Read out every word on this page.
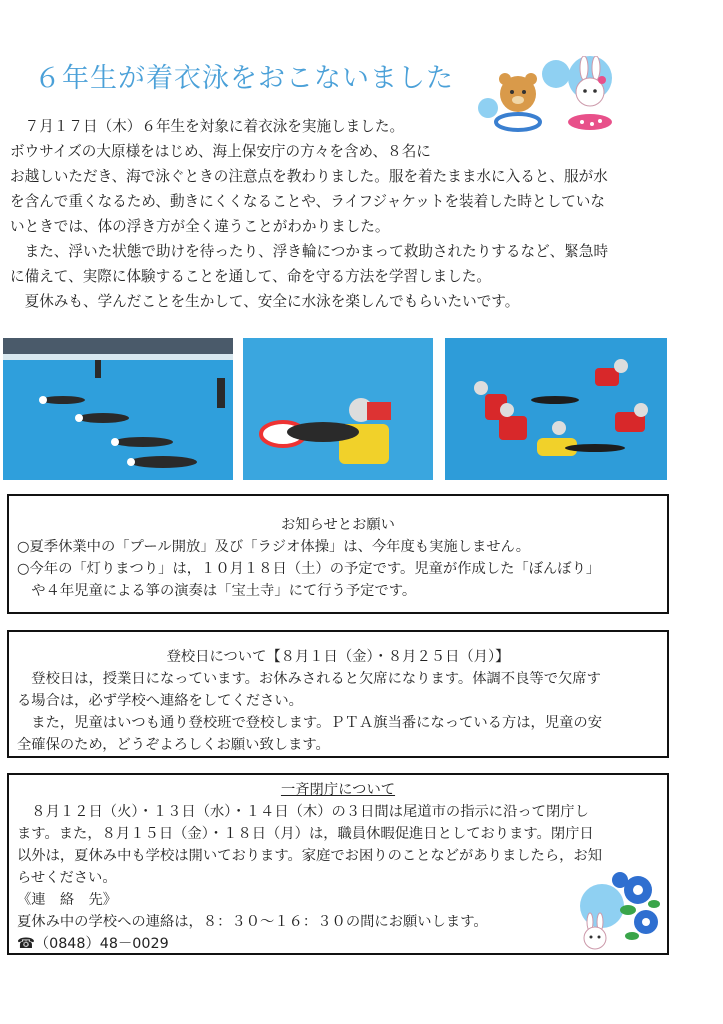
６年生が着衣泳をおこないました

　７月１７日（木）６年生を対象に着衣泳を実施しました。

ボウサイズの大原様をはじめ、海上保安庁の方々を含め、８名に

お越しいただき、海で泳ぐときの注意点を教わりました。服を着たまま水に入ると、服が水

を含んで重くなるため、動きにくくなることや、ライフジャケットを装着した時としていな

いときでは、体の浮き方が全く違うことがわかりました。

　また、浮いた状態で助けを待ったり、浮き輪につかまって救助されたりするなど、緊急時

に備えて、実際に体験することを通して、命を守る方法を学習しました。

　夏休みも、学んだことを生かして、安全に水泳を楽しんでもらいたいです。

お知らせとお願い

○夏季休業中の「プール開放」及び「ラジオ体操」は、今年度も実施しません。

○今年の「灯りまつり」は，１０月１８日（土）の予定です。児童が作成した「ぼんぼり」

　や４年児童による箏の演奏は「宝土寺」にて行う予定です。

登校日について【８月１日（金）・８月２５日（月）】

　登校日は，授業日になっています。お休みされると欠席になります。体調不良等で欠席す

る場合は，必ず学校へ連絡をしてください。

　また，児童はいつも通り登校班で登校します。ＰＴＡ旗当番になっている方は，児童の安

全確保のため，どうぞよろしくお願い致します。

一斉閉庁について

　８月１２日（火）・１３日（水）・１４日（木）の３日間は尾道市の指示に沿って閉庁し

ます。また，８月１５日（金）・１８日（月）は，職員休暇促進日としております。閉庁日

以外は，夏休み中も学校は開いております。家庭でお困りのことなどがありましたら，お知

らせください。

《連　絡　先》

夏休み中の学校への連絡は，８：３０～１６：３０の間にお願いします。

☎（0848）48－0029
